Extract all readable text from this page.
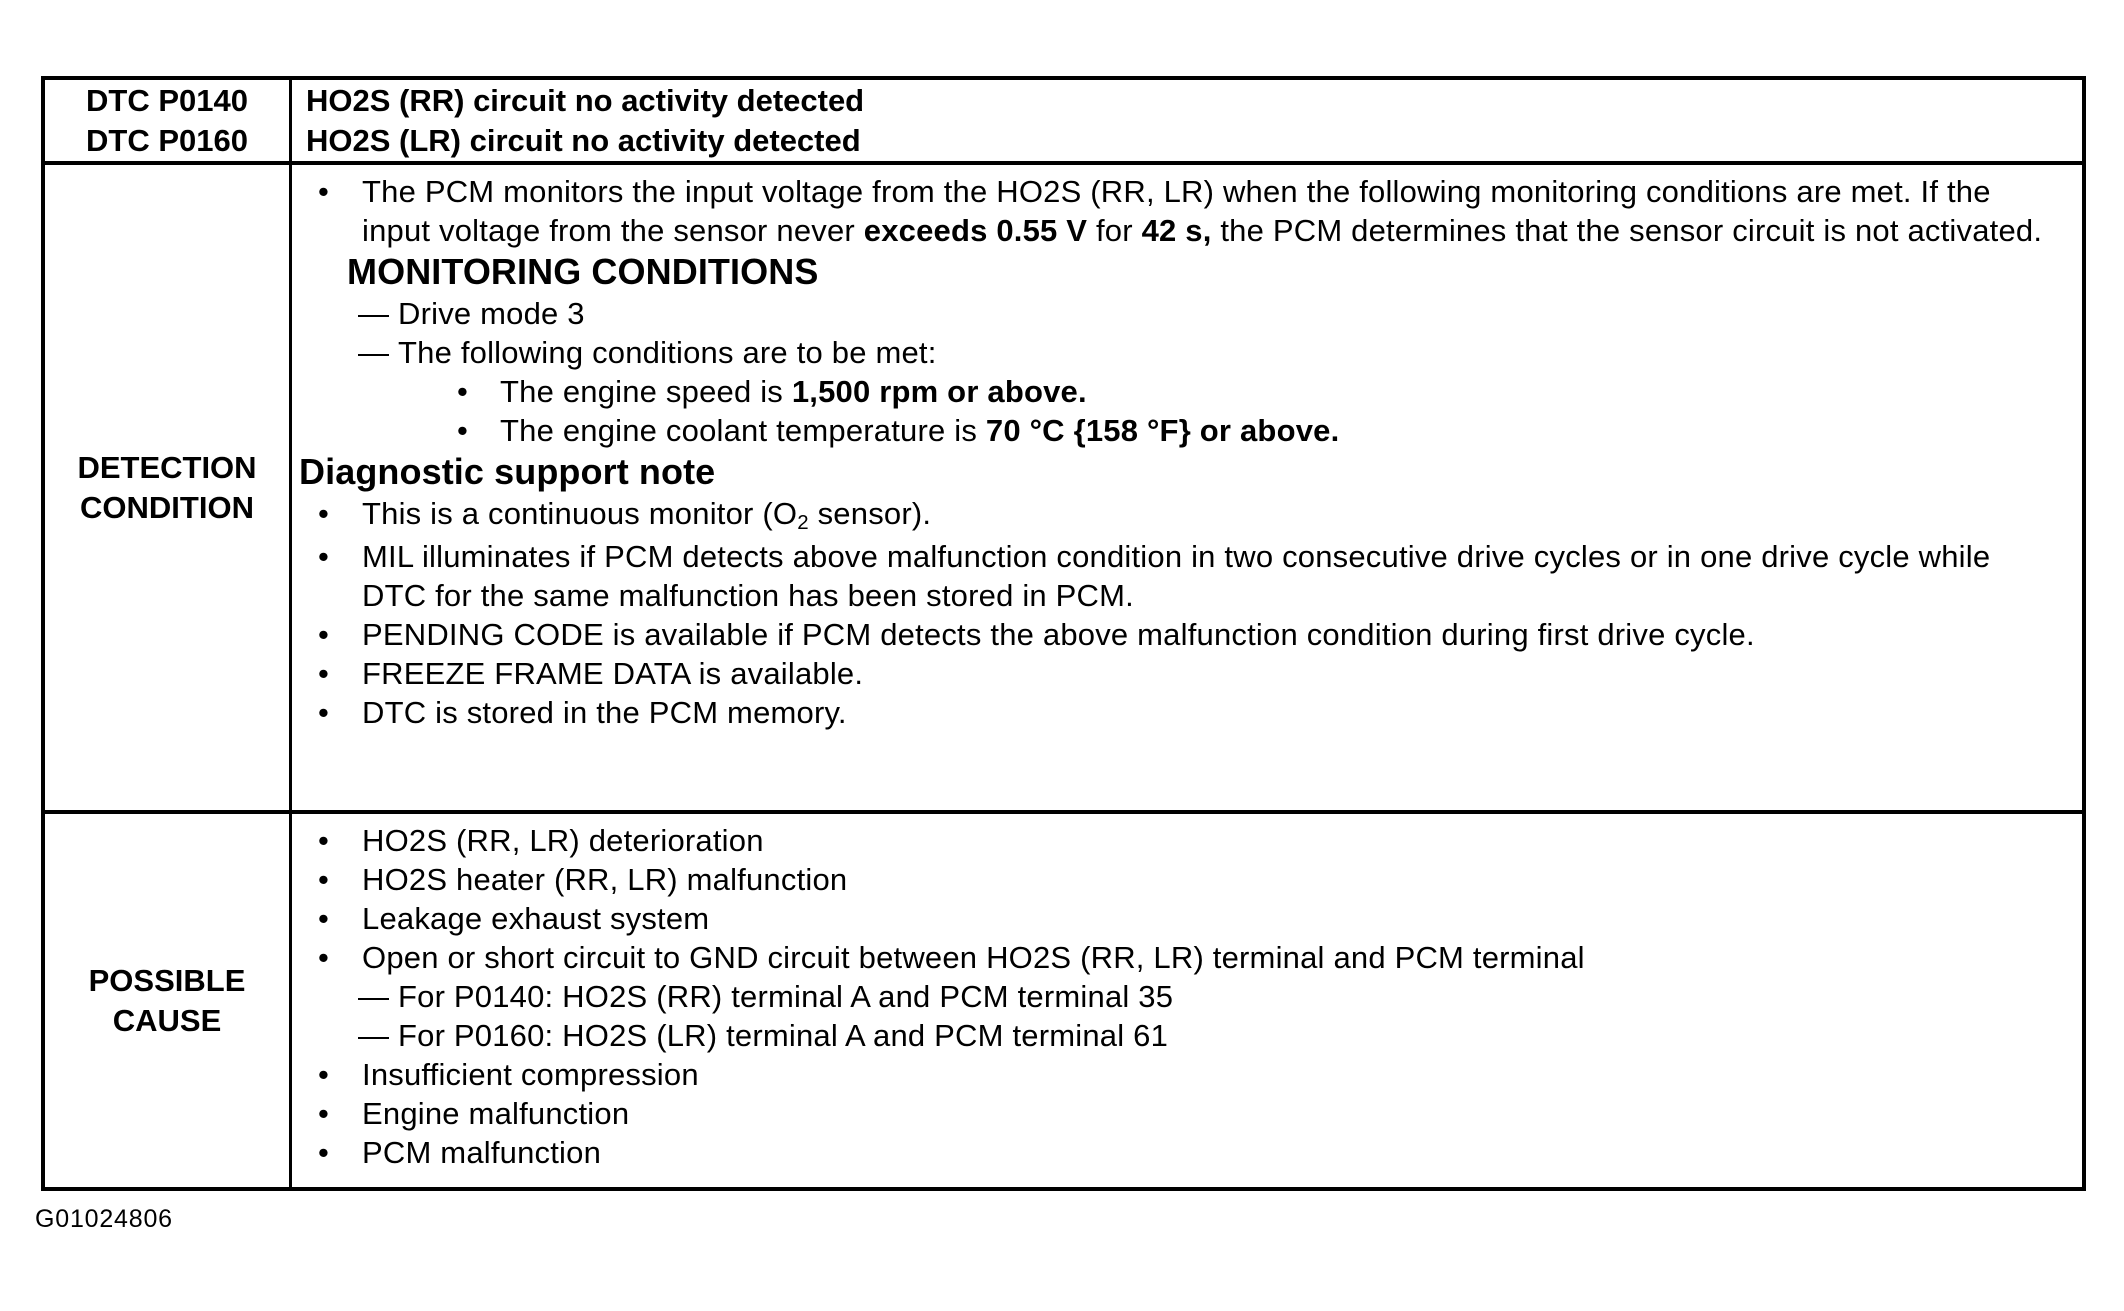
DTC P0140
DTC P0160
HO2S (RR) circuit no activity detected
HO2S (LR) circuit no activity detected
DETECTION
CONDITION
• The PCM monitors the input voltage from the HO2S (RR, LR) when the following monitoring conditions are met. If the input voltage from the sensor never exceeds 0.55 V for 42 s, the PCM determines that the sensor circuit is not activated.
MONITORING CONDITIONS
— Drive mode 3
— The following conditions are to be met:
• The engine speed is 1,500 rpm or above.
• The engine coolant temperature is 70 °C {158 °F} or above.
Diagnostic support note
• This is a continuous monitor (O2 sensor).
• MIL illuminates if PCM detects above malfunction condition in two consecutive drive cycles or in one drive cycle while DTC for the same malfunction has been stored in PCM.
• PENDING CODE is available if PCM detects the above malfunction condition during first drive cycle.
• FREEZE FRAME DATA is available.
• DTC is stored in the PCM memory.
POSSIBLE
CAUSE
• HO2S (RR, LR) deterioration
• HO2S heater (RR, LR) malfunction
• Leakage exhaust system
• Open or short circuit to GND circuit between HO2S (RR, LR) terminal and PCM terminal
— For P0140: HO2S (RR) terminal A and PCM terminal 35
— For P0160: HO2S (LR) terminal A and PCM terminal 61
• Insufficient compression
• Engine malfunction
• PCM malfunction
G01024806
